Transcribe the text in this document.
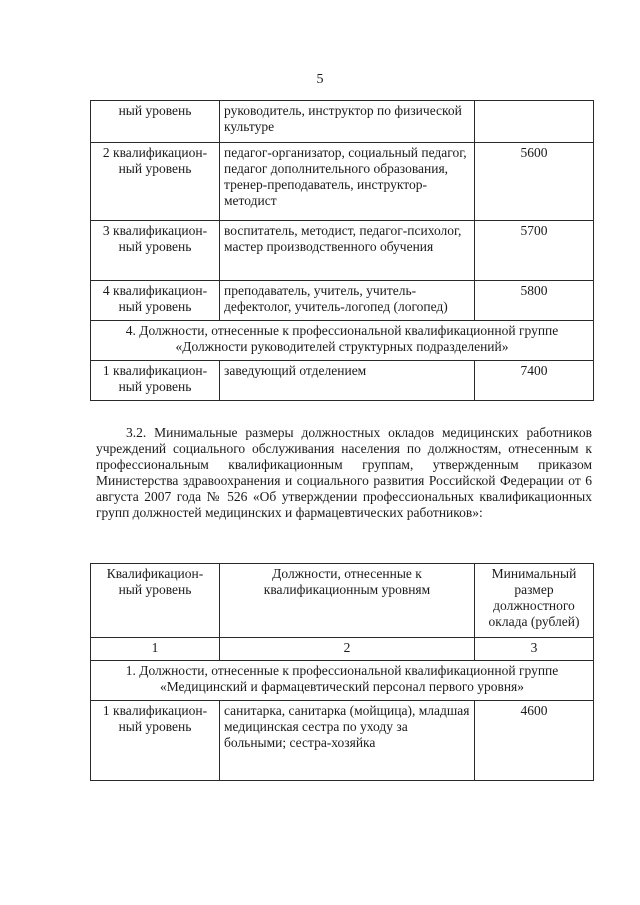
5
ный уровень	руководитель, инструктор по физической культуре	
2 квалификацион-ный уровень	педагог-организатор, социальный педагог, педагог дополнительного образования, тренер-преподаватель, инструктор-методист	5600

3 квалификацион-ный уровень	воспитатель, методист, педагог-психолог, мастер производственного обучения	5700
4 квалификацион-ный уровень	преподаватель, учитель, учитель-дефектолог, учитель-логопед (логопед)	5800
4. Должности, отнесенные к профессиональной квалификационной группе «Должности руководителей структурных подразделений»		
1 квалификацион-ный уровень	заведующий отделением	7400
3.2. Минимальные размеры должностных окладов медицинских работников учреждений социального обслуживания населения по должностям, отнесенным к профессиональным квалификационным группам, утвержденным приказом Министерства здравоохранения и социального развития Российской Федерации от 6 августа 2007 года № 526 «Об утверждении профессиональных квалификационных групп должностей медицинских и фармацевтических работников»:
Квалификацион-ный уровень	Должности, отнесенные к квалификационным уровням	Минимальный размер должностного оклада (рублей)
1	2	3
1. Должности, отнесенные к профессиональной квалификационной группе «Медицинский и фармацевтический персонал первого уровня»		
1 квалификацион-ный уровень	санитарка, санитарка (мойщица), младшая медицинская сестра по уходу за больными; сестра-хозяйка	4600
